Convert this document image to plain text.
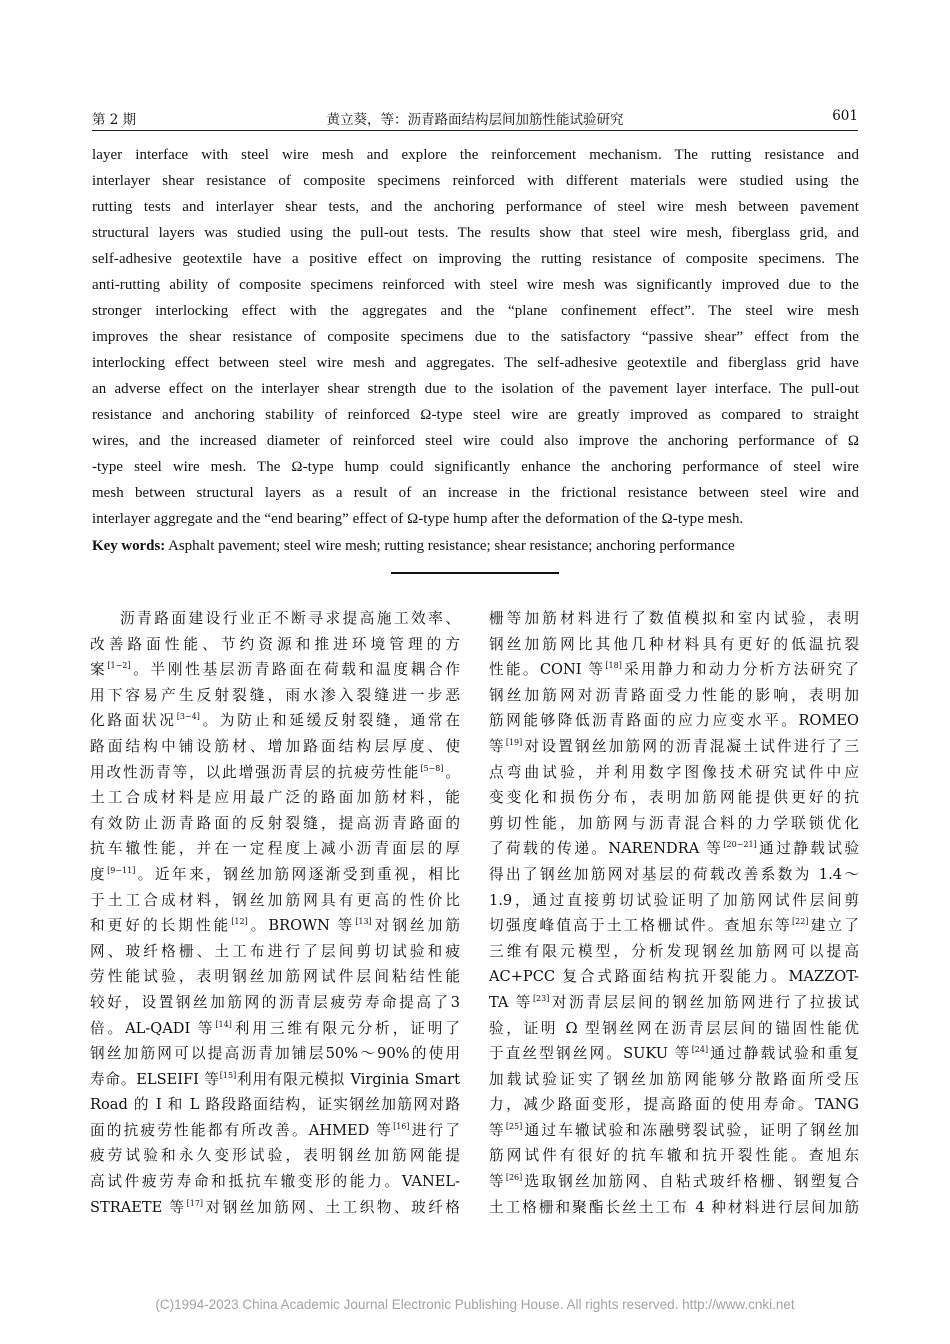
第 2 期	黄立葵，等：沥青路面结构层间加筋性能试验研究	601
layer interface with steel wire mesh and explore the reinforcement mechanism. The rutting resistance and
interlayer shear resistance of composite specimens reinforced with different materials were studied using the
rutting tests and interlayer shear tests, and the anchoring performance of steel wire mesh between pavement
structural layers was studied using the pull-out tests. The results show that steel wire mesh, fiberglass grid, and
self-adhesive geotextile have a positive effect on improving the rutting resistance of composite specimens. The
anti-rutting ability of composite specimens reinforced with steel wire mesh was significantly improved due to the
stronger interlocking effect with the aggregates and the “plane confinement effect”. The steel wire mesh
improves the shear resistance of composite specimens due to the satisfactory “passive shear” effect from the
interlocking effect between steel wire mesh and aggregates. The self-adhesive geotextile and fiberglass grid have
an adverse effect on the interlayer shear strength due to the isolation of the pavement layer interface. The pull-out
resistance and anchoring stability of reinforced Ω-type steel wire are greatly improved as compared to straight
wires, and the increased diameter of reinforced steel wire could also improve the anchoring performance of Ω
-type steel wire mesh. The Ω-type hump could significantly enhance the anchoring performance of steel wire
mesh between structural layers as a result of an increase in the frictional resistance between steel wire and
interlayer aggregate and the “end bearing” effect of Ω-type hump after the deformation of the Ω-type mesh.
Key words: Asphalt pavement; steel wire mesh; rutting resistance; shear resistance; anchoring performance
沥青路面建设行业正不断寻求提高施工效率、
改善路面性能、节约资源和推进环境管理的方
案[1−2]。半刚性基层沥青路面在荷载和温度耦合作
用下容易产生反射裂缝，雨水渗入裂缝进一步恶
化路面状况[3−4]。为防止和延缓反射裂缝，通常在
路面结构中铺设筋材、增加路面结构层厚度、使
用改性沥青等，以此增强沥青层的抗疲劳性能[5−8]。
土工合成材料是应用最广泛的路面加筋材料，能
有效防止沥青路面的反射裂缝，提高沥青路面的
抗车辙性能，并在一定程度上减小沥青面层的厚
度[9−11]。近年来，钢丝加筋网逐渐受到重视，相比
于土工合成材料，钢丝加筋网具有更高的性价比
和更好的长期性能[12]。BROWN 等[13]对钢丝加筋
网、玻纤格栅、土工布进行了层间剪切试验和疲
劳性能试验，表明钢丝加筋网试件层间粘结性能
较好，设置钢丝加筋网的沥青层疲劳寿命提高了3
倍。AL-QADI 等[14]利用三维有限元分析，证明了
钢丝加筋网可以提高沥青加铺层50%～90%的使用
寿命。ELSEIFI 等[15]利用有限元模拟 Virginia Smart
Road 的 I 和 L 路段路面结构，证实钢丝加筋网对路
面的抗疲劳性能都有所改善。AHMED 等[16]进行了
疲劳试验和永久变形试验，表明钢丝加筋网能提
高试件疲劳寿命和抵抗车辙变形的能力。VANEL-
STRAETE 等[17]对钢丝加筋网、土工织物、玻纤格
栅等加筋材料进行了数值模拟和室内试验，表明
钢丝加筋网比其他几种材料具有更好的低温抗裂
性能。CONI 等[18]采用静力和动力分析方法研究了
钢丝加筋网对沥青路面受力性能的影响，表明加
筋网能够降低沥青路面的应力应变水平。ROMEO
等[19]对设置钢丝加筋网的沥青混凝土试件进行了三
点弯曲试验，并利用数字图像技术研究试件中应
变变化和损伤分布，表明加筋网能提供更好的抗
剪切性能，加筋网与沥青混合料的力学联锁优化
了荷载的传递。NARENDRA 等[20−21]通过静载试验
得出了钢丝加筋网对基层的荷载改善系数为 1.4～
1.9，通过直接剪切试验证明了加筋网试件层间剪
切强度峰值高于土工格栅试件。查旭东等[22]建立了
三维有限元模型，分析发现钢丝加筋网可以提高
AC+PCC 复合式路面结构抗开裂能力。MAZZOT-
TA 等[23]对沥青层层间的钢丝加筋网进行了拉拔试
验，证明 Ω 型钢丝网在沥青层层间的锚固性能优
于直丝型钢丝网。SUKU 等[24]通过静载试验和重复
加载试验证实了钢丝加筋网能够分散路面所受压
力，减少路面变形，提高路面的使用寿命。TANG
等[25]通过车辙试验和冻融劈裂试验，证明了钢丝加
筋网试件有很好的抗车辙和抗开裂性能。查旭东
等[26]选取钢丝加筋网、自粘式玻纤格栅、钢塑复合
土工格栅和聚酯长丝土工布 4 种材料进行层间加筋
(C)1994-2023 China Academic Journal Electronic Publishing House. All rights reserved. http://www.cnki.net
